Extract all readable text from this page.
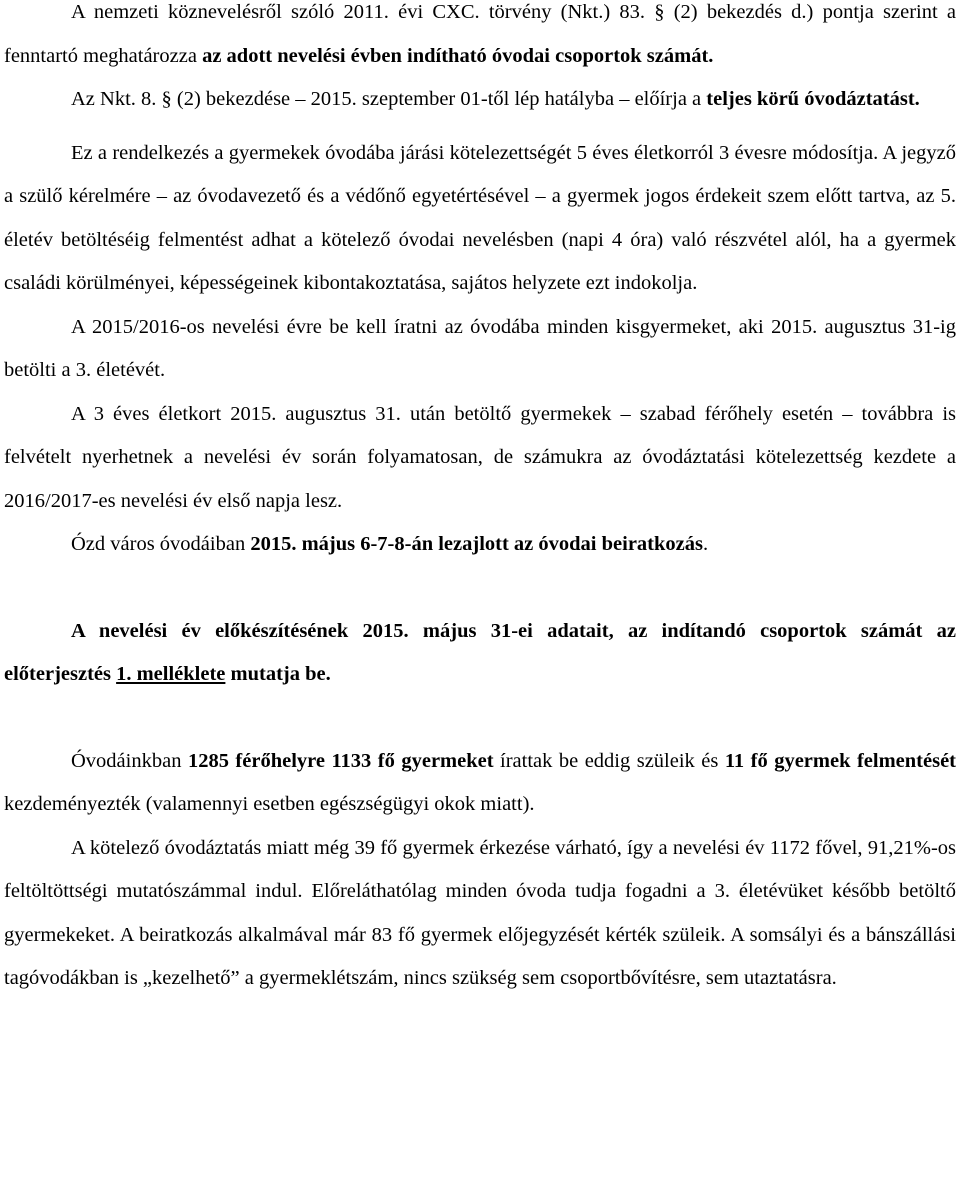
A nemzeti köznevelésről szóló 2011. évi CXC. törvény (Nkt.) 83. § (2) bekezdés d.) pontja szerint a fenntartó meghatározza az adott nevelési évben indítható óvodai csoportok számát.

Az Nkt. 8. § (2) bekezdése – 2015. szeptember 01-től lép hatályba – előírja a teljes körű óvodáztatást.

Ez a rendelkezés a gyermekek óvodába járási kötelezettségét 5 éves életkorról 3 évesre módosítja. A jegyző a szülő kérelmére – az óvodavezető és a védőnő egyetértésével – a gyermek jogos érdekeit szem előtt tartva, az 5. életév betöltéséig felmentést adhat a kötelező óvodai nevelésben (napi 4 óra) való részvétel alól, ha a gyermek családi körülményei, képességeinek kibontakoztatása, sajátos helyzete ezt indokolja.

A 2015/2016-os nevelési évre be kell íratni az óvodába minden kisgyermeket, aki 2015. augusztus 31-ig betölti a 3. életévét.

A 3 éves életkort 2015. augusztus 31. után betöltő gyermekek – szabad férőhely esetén – továbbra is felvételt nyerhetnek a nevelési év során folyamatosan, de számukra az óvodáztatási kötelezettség kezdete a 2016/2017-es nevelési év első napja lesz.

Ózd város óvodáiban 2015. május 6-7-8-án lezajlott az óvodai beiratkozás.

A nevelési év előkészítésének 2015. május 31-ei adatait, az indítandó csoportok számát az előterjesztés 1. melléklete mutatja be.

Óvodáinkban 1285 férőhelyre 1133 fő gyermeket írattak be eddig szüleik és 11 fő gyermek felmentését kezdeményezték (valamennyi esetben egészségügyi okok miatt).

A kötelező óvodáztatás miatt még 39 fő gyermek érkezése várható, így a nevelési év 1172 fővel, 91,21%-os feltöltöttségi mutatószámmal indul. Előreláthatólag minden óvoda tudja fogadni a 3. életévüket később betöltő gyermekeket. A beiratkozás alkalmával már 83 fő gyermek előjegyzését kérték szüleik. A somsályi és a bánszállási tagóvodákban is „kezelhető” a gyermeklétszám, nincs szükség sem csoportbővítésre, sem utaztatásra.
